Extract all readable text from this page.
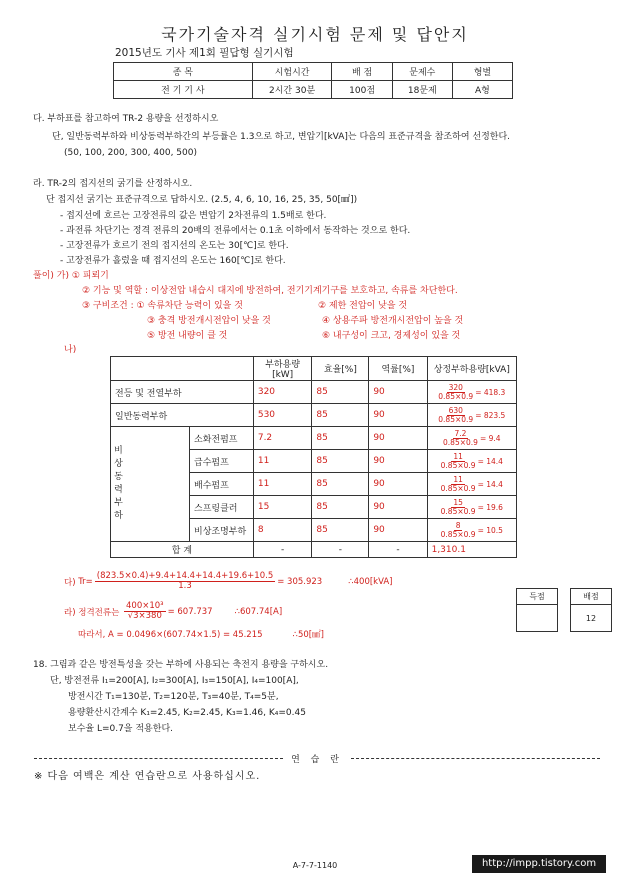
국가기술자격 실기시험 문제 및 답안지
2015년도 기사 제1회 필답형 실기시험
종 목	시험시간	배 점	문제수	형별
전 기 기 사	2시간 30분	100점	18문제	A형
다. 부하표를 참고하여 TR-2 용량을 선정하시오
단, 일반동력부하와 비상동력부하간의 부등률은 1.3으로 하고, 변압기[kVA]는 다음의 표준규격을 참조하여 선정한다.
(50, 100, 200, 300, 400, 500)
라. TR-2의 접지선의 굵기를 산정하시오.
단 접지선 굵기는 표준규격으로 답하시오. (2.5, 4, 6, 10, 16, 25, 35, 50[㎟])
- 접지선에 흐르는 고장전류의 값은 변압기 2차전류의 1.5배로 한다.
- 과전류 차단기는 정격 전류의 20배의 전류에서는 0.1초 이하에서 동작하는 것으로 한다.
- 고장전류가 흐르기 전의 접지선의 온도는 30[℃]로 한다.
- 고장전류가 흘렀을 때 접지선의 온도는 160[℃]로 한다.
풀이) 가) ① 피뢰기
② 기능 및 역할 : 이상전압 내습시 대지에 방전하여, 전기기계기구를 보호하고, 속류를 차단한다.
③ 구비조건 : ① 속류차단 능력이 있을 것	② 제한 전압이 낮을 것
③ 충격 방전개시전압이 낮을 것	④ 상용주파 방전개시전압이 높을 것
⑤ 방전 내량이 클 것	⑥ 내구성이 크고, 경제성이 있을 것
나)
		부하용량[kW]	효율[%]	역률[%]	상정부하용량[kVA]
전등 및 전열부하		320	85	90	$\frac{320}{0.85\times 0.9} = 418.3$

일반동력부하		530	85	90	$\frac{630}{0.85\times 0.9} = 823.5$

비상동력부하	소화전펌프	7.2	85	90	$\frac{7.2}{0.85\times 0.9} = 9.4$

	급수펌프	11	85	90	$\frac{11}{0.85\times 0.9} = 14.4$

	배수펌프	11	85	90	$\frac{11}{0.85\times 0.9} = 14.4$

	스프링클러	15	85	90	$\frac{15}{0.85\times 0.9} = 19.6$

	비상조명부하	8	85	90	$\frac{8}{0.85\times 0.9} = 10.5$

합 계		-	-	-	1,310.1
다)
$Tr= \frac{(823.5\times 0.4)+9.4+14.4+14.4+19.6+10.5}{1.3} = 305.923$	∴400[kVA]
라) 정격전류는
$\frac{\text{400×10³}}{√3\times 380} = 607.737$	∴607.74[A]
따라서, A = 0.0496×(607.74×1.5) = 45.215	∴50[㎟]
득점		배점
		12
18. 그림과 같은 방전특성을 갖는 부하에 사용되는 축전지 용량을 구하시오.
단, 방전전류 I₁=200[A], I₂=300[A], I₃=150[A], I₄=100[A],
방전시간 T₁=130분, T₂=120분, T₃=40분, T₄=5분,
용량환산시간계수 K₁=2.45, K₂=2.45, K₃=1.46, K₄=0.45
보수율 L=0.7을 적용한다.
연 습 란
※ 다음 여백은 계산 연습란으로 사용하십시오.
A-7-7-1140	http://impp.tistory.com
